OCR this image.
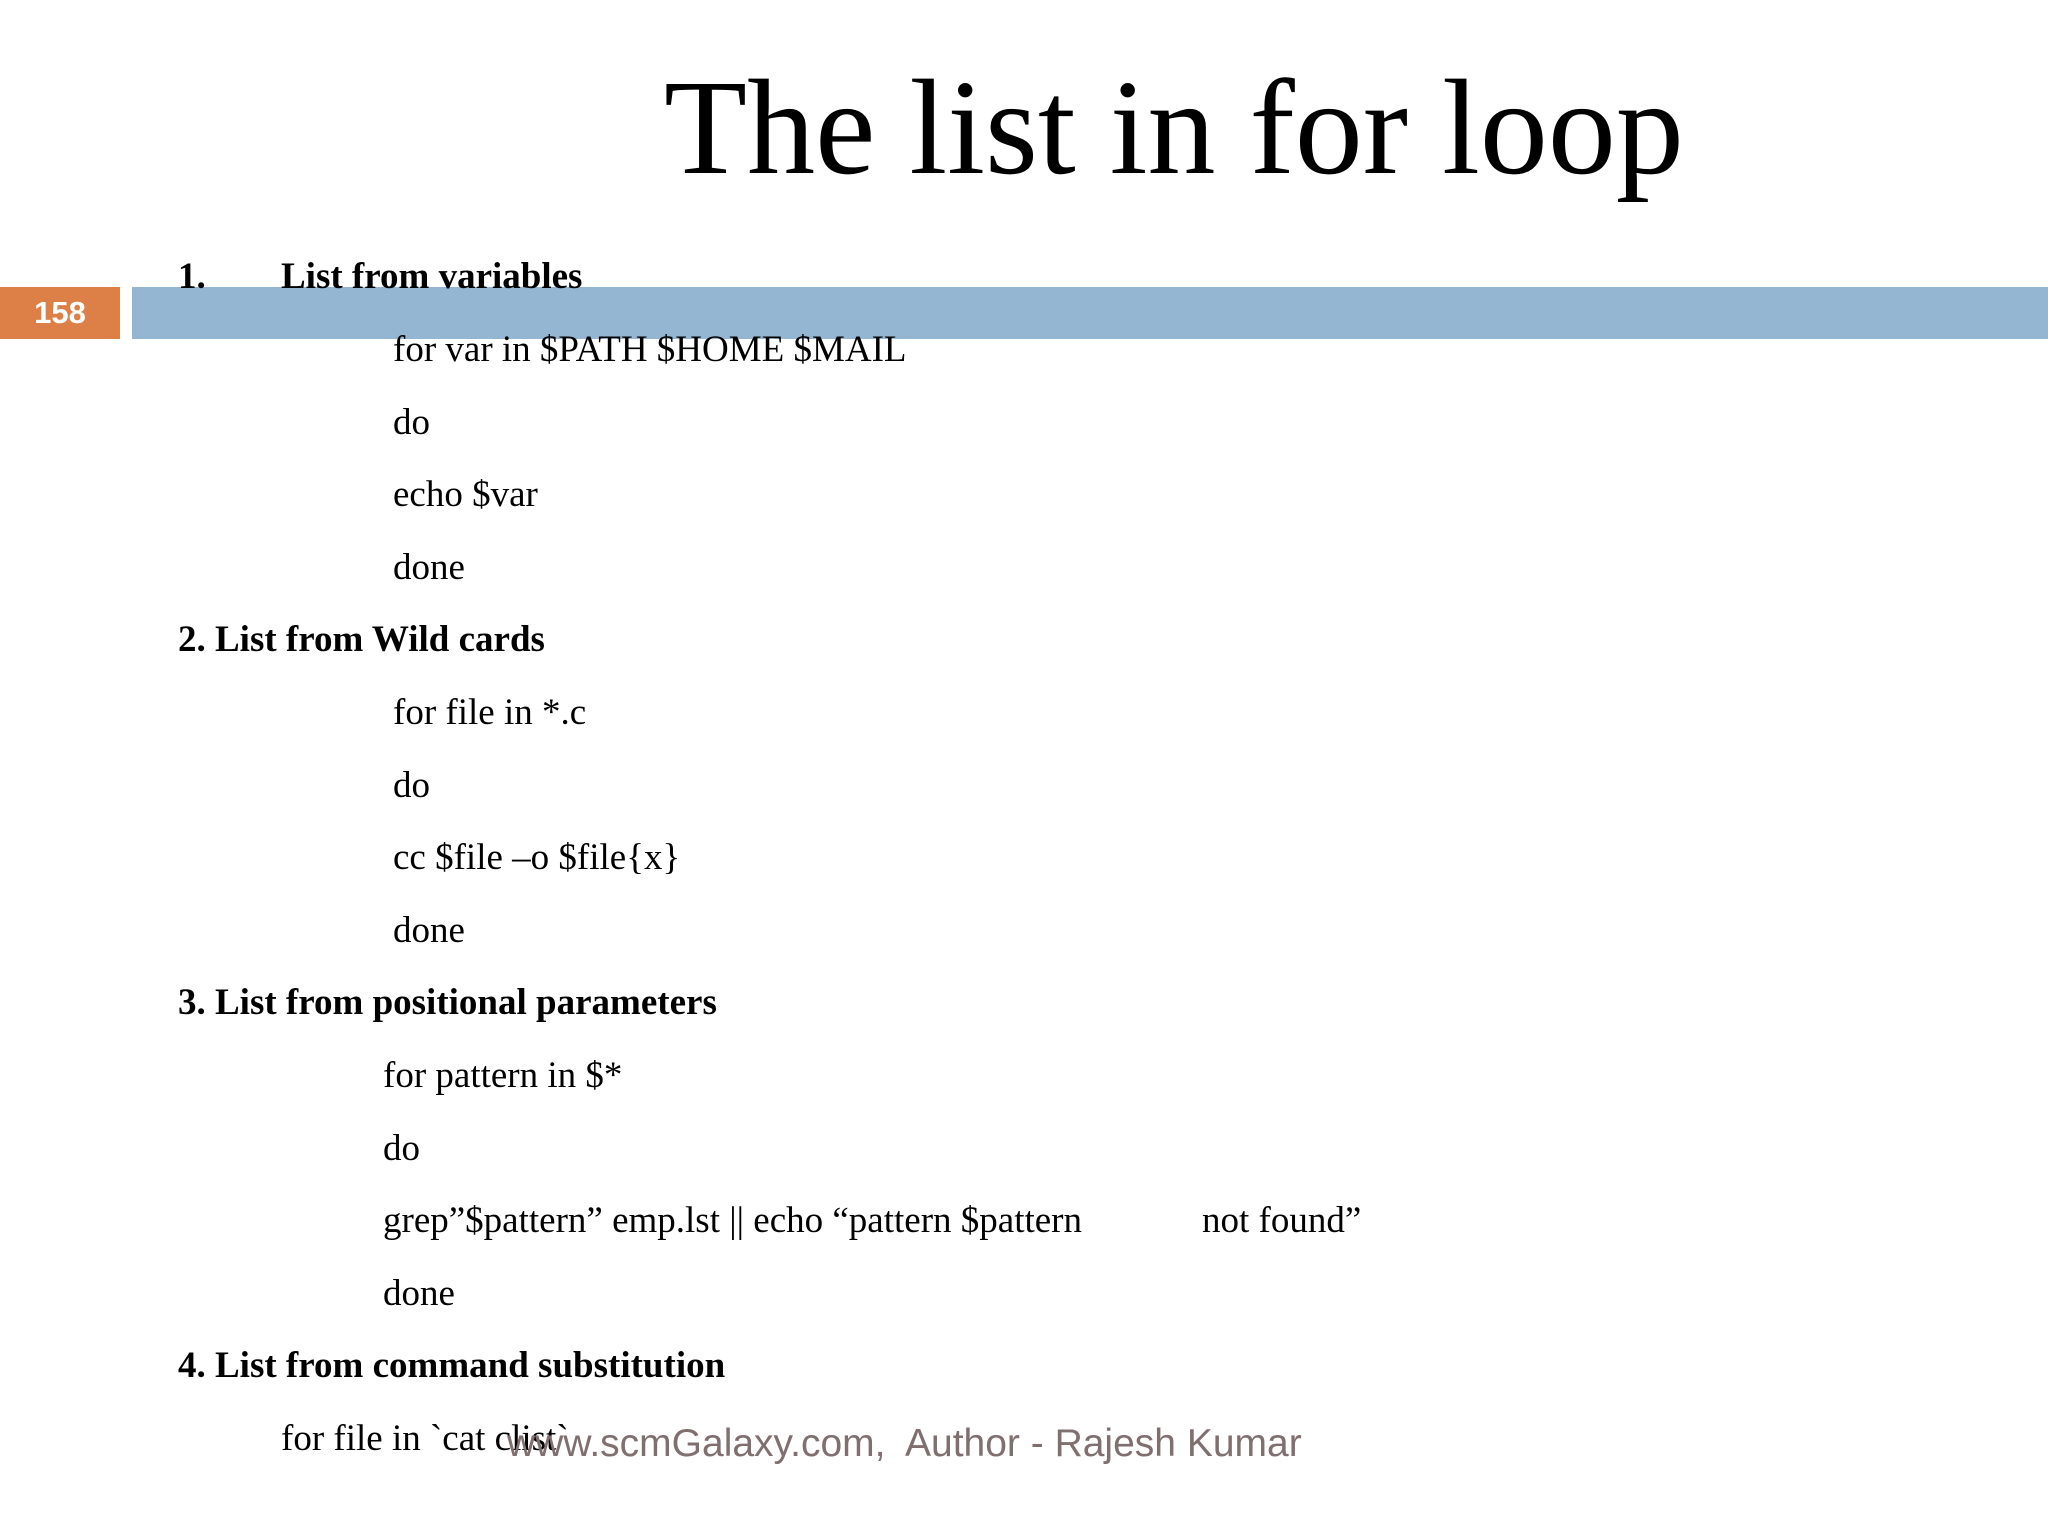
The list in for loop
158
1. List from variables
for var in $PATH $HOME $MAIL
do
echo $var
done
2. List from Wild cards
for file in *.c
do
cc $file –o $file{x}
done
3. List from positional parameters
for pattern in $*
do
grep”$pattern” emp.lst || echo “pattern $pattern	not found”
done
4. List from command substitution
for file in `cat clist`
www.scmGalaxy.com,  Author - Rajesh Kumar
